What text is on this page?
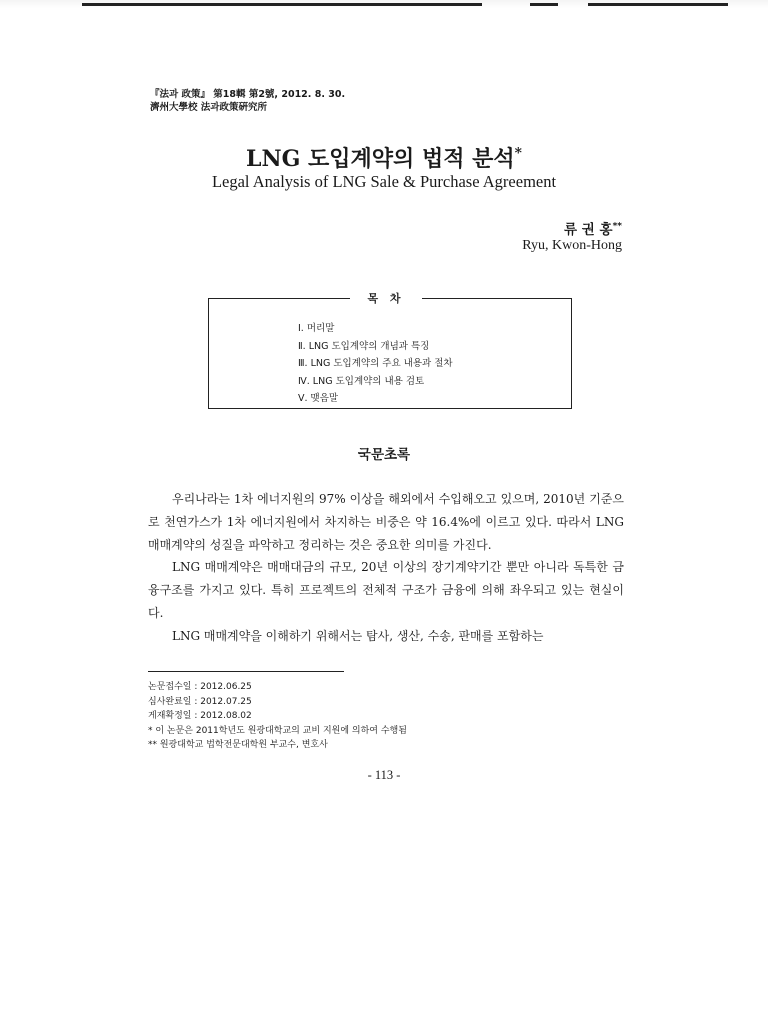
『法과 政策』 第18輯 第2號, 2012. 8. 30.
濟州大學校 法과政策硏究所
LNG 도입계약의 법적 분석*
Legal Analysis of LNG Sale & Purchase Agreement
류 권 홍**
Ryu, Kwon-Hong
목 차
Ⅰ. 머리말
Ⅱ. LNG 도입계약의 개념과 특징
Ⅲ. LNG 도입계약의 주요 내용과 절차
Ⅳ. LNG 도입계약의 내용 검토
Ⅴ. 맺음말
국문초록

우리나라는 1차 에너지원의 97% 이상을 해외에서 수입해오고 있으며, 2010년 기준으로 천연가스가 1차 에너지원에서 차지하는 비중은 약 16.4%에 이르고 있다. 따라서 LNG 매매계약의 성질을 파악하고 정리하는 것은 중요한 의미를 가진다.

LNG 매매계약은 매매대금의 규모, 20년 이상의 장기계약기간 뿐만 아니라 독특한 금융구조를 가지고 있다. 특히 프로젝트의 전체적 구조가 금융에 의해 좌우되고 있는 현실이다.

LNG 매매계약을 이해하기 위해서는 탐사, 생산, 수송, 판매를 포함하는

논문접수일 : 2012.06.25
심사완료일 : 2012.07.25
게재확정일 : 2012.08.02
* 이 논문은 2011학년도 원광대학교의 교비 지원에 의하여 수행됨
** 원광대학교 법학전문대학원 부교수, 변호사
- 113 -
